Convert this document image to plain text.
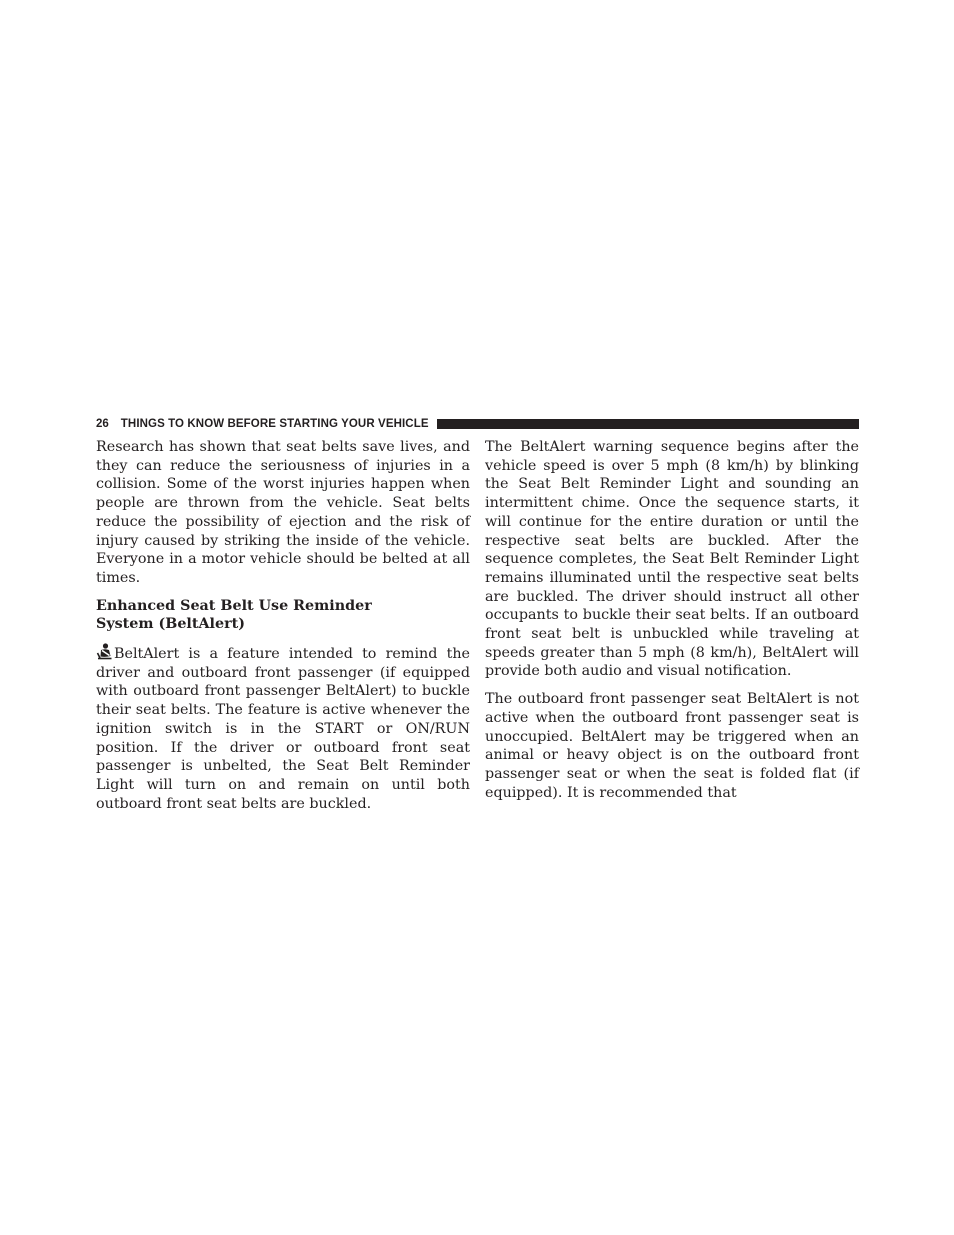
26 THINGS TO KNOW BEFORE STARTING YOUR VEHICLE

Research has shown that seat belts save lives, and they can reduce the seriousness of injuries in a collision. Some of the worst injuries happen when people are thrown from the vehicle. Seat belts reduce the possibility of ejection and the risk of injury caused by striking the inside of the vehicle. Everyone in a motor vehicle should be belted at all times.

Enhanced Seat Belt Use Reminder System (BeltAlert)

BeltAlert is a feature intended to remind the driver and outboard front passenger (if equipped with outboard front passenger BeltAlert) to buckle their seat belts. The feature is active whenever the ignition switch is in the START or ON/RUN position. If the driver or outboard front seat passenger is unbelted, the Seat Belt Reminder Light will turn on and remain on until both outboard front seat belts are buckled.

The BeltAlert warning sequence begins after the vehicle speed is over 5 mph (8 km/h) by blinking the Seat Belt Reminder Light and sounding an intermittent chime. Once the sequence starts, it will continue for the entire duration or until the respective seat belts are buckled. After the sequence completes, the Seat Belt Reminder Light remains illuminated until the respective seat belts are buckled. The driver should instruct all other occupants to buckle their seat belts. If an outboard front seat belt is unbuckled while traveling at speeds greater than 5 mph (8 km/h), BeltAlert will provide both audio and visual notification.

The outboard front passenger seat BeltAlert is not active when the outboard front passenger seat is unoccupied. BeltAlert may be triggered when an animal or heavy object is on the outboard front passenger seat or when the seat is folded flat (if equipped). It is recommended that
